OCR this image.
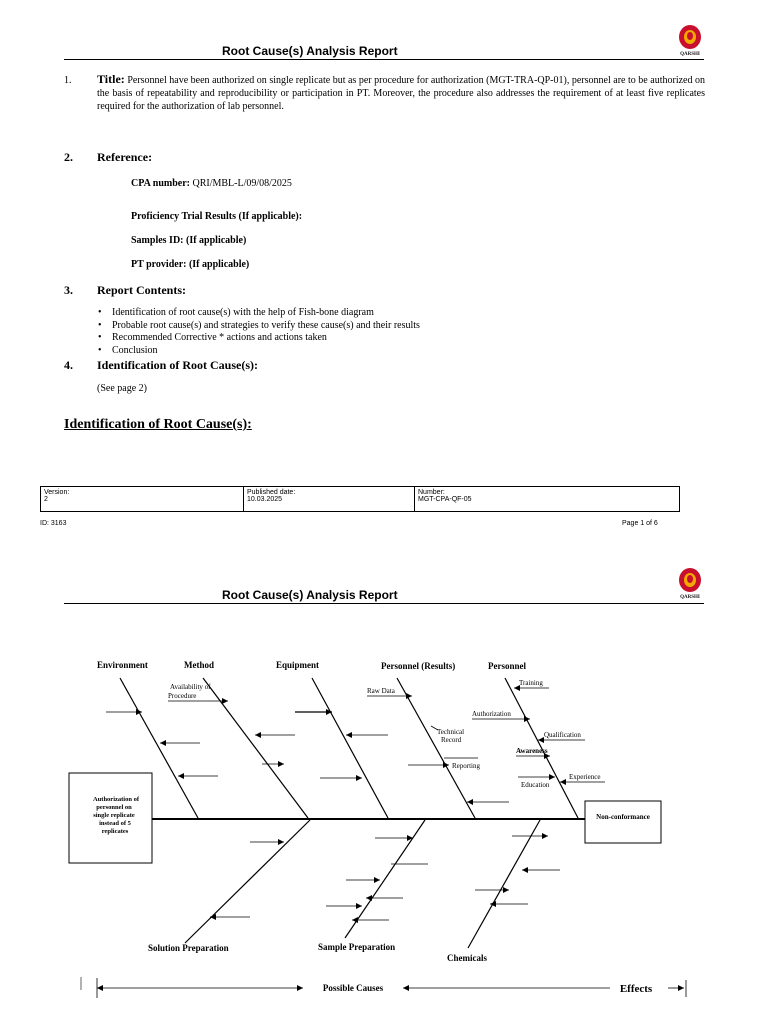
Root Cause(s) Analysis Report	QARSHI
1. Title: Personnel have been authorized on single replicate but as per procedure for authorization (MGT-TRA-QP-01), personnel are to be authorized on the basis of repeatability and reproducibility or participation in PT. Moreover, the procedure also addresses the requirement of at least five replicates required for the authorization of lab personnel.
2. Reference:
CPA number: QRI/MBL-L/09/08/2025
Proficiency Trial Results (If applicable):
Samples ID: (If applicable)
PT provider: (If applicable)
3. Report Contents:
• Identification of root cause(s) with the help of Fish-bone diagram
• Probable root cause(s) and strategies to verify these cause(s) and their results
• Recommended Corrective * actions and actions taken
• Conclusion
4. Identification of Root Cause(s):
(See page 2)
Identification of Root Cause(s):
Version:
2

Published date:
10.03.2025

Number:
MGT-CPA-QF-05
ID: 3163	Page 1 of 6
Root Cause(s) Analysis Report	QARSHI
Environment	Method	Equipment	Personnel (Results)	Personnel
Solution Preparation	Sample Preparation
Chemicals
Availability of
Procedure
Raw Data
Technical
Record
Reporting
Training
Authorization
Qualification
Awareness
Experience
Education
Authorization of
personnel on
single replicate
instead of 5
replicates
Non-conformance
Possible Causes	Effects
